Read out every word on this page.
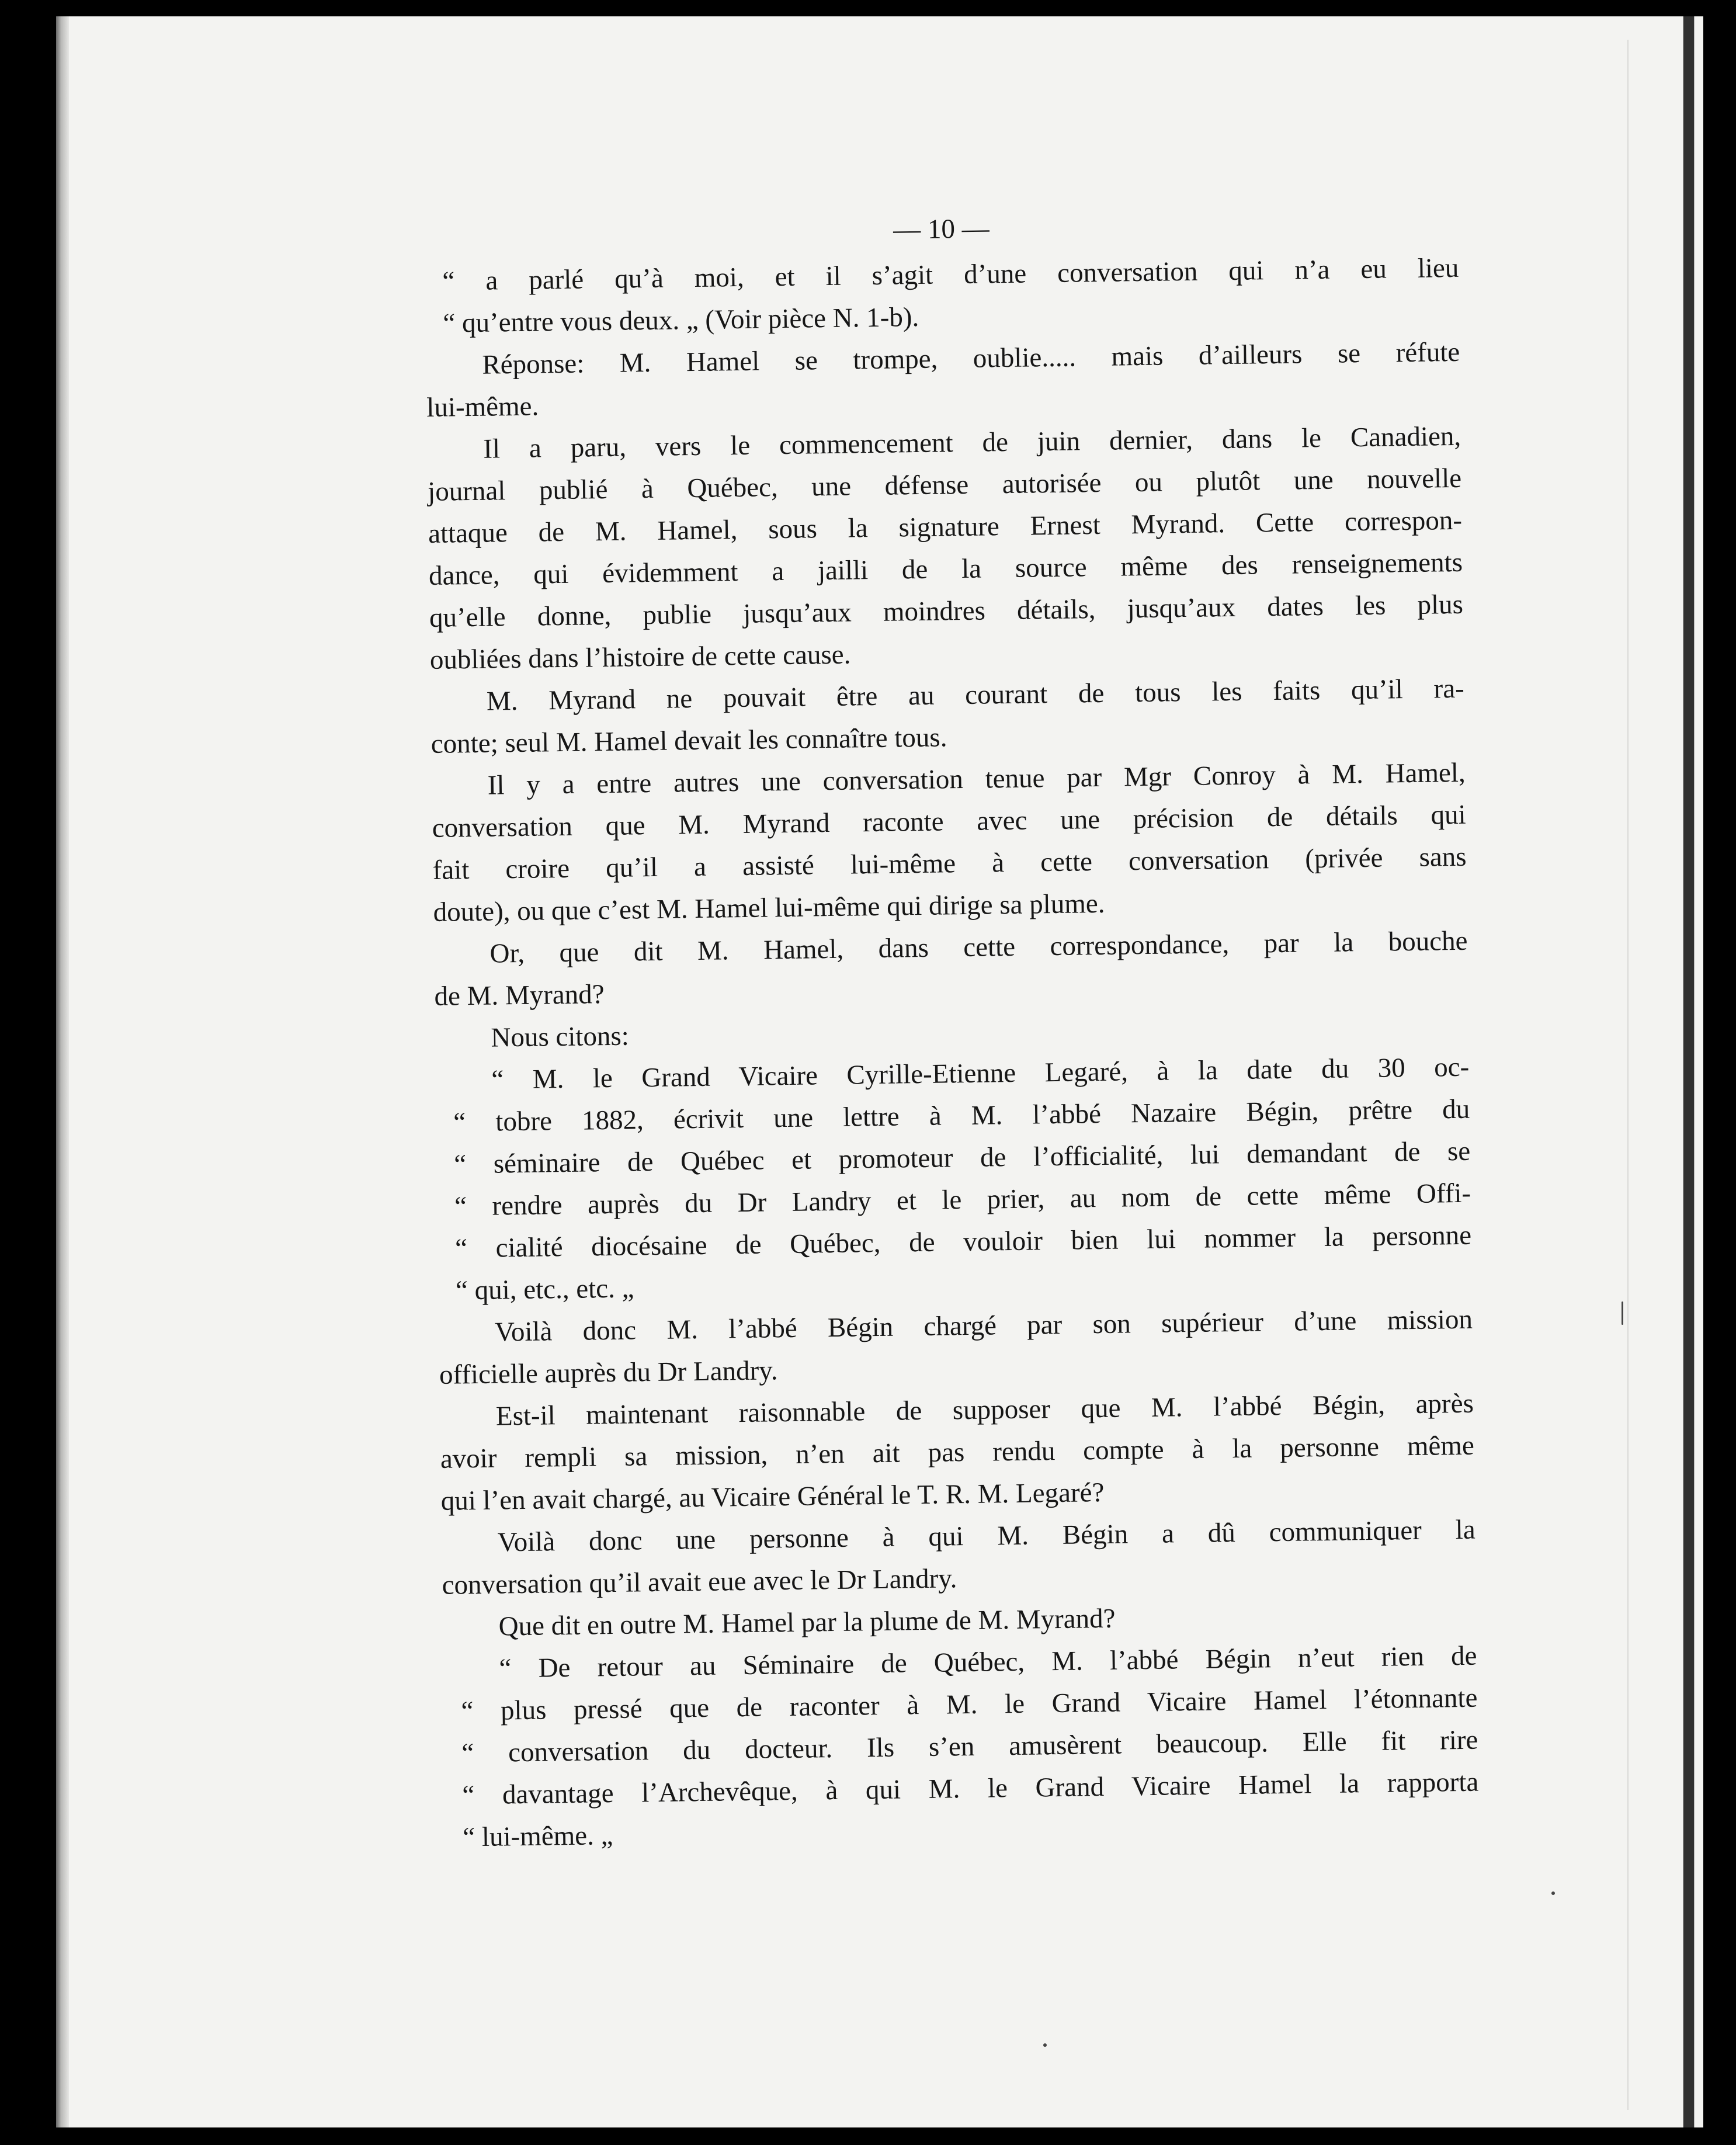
— 10 —
“ a parlé qu’à moi, et il s’agit d’une conversation qui n’a eu lieu
“ qu’entre vous deux. „ (Voir pièce N. 1-b).
Réponse: M. Hamel se trompe, oublie..... mais d’ailleurs se réfute
lui-même.
Il a paru, vers le commencement de juin dernier, dans le Canadien,
journal publié à Québec, une défense autorisée ou plutôt une nouvelle
attaque de M. Hamel, sous la signature Ernest Myrand. Cette correspon-
dance, qui évidemment a jailli de la source même des renseignements
qu’elle donne, publie jusqu’aux moindres détails, jusqu’aux dates les plus
oubliées dans l’histoire de cette cause.
M. Myrand ne pouvait être au courant de tous les faits qu’il ra-
conte; seul M. Hamel devait les connaître tous.
Il y a entre autres une conversation tenue par Mgr Conroy à M. Hamel,
conversation que M. Myrand raconte avec une précision de détails qui
fait croire qu’il a assisté lui-même à cette conversation (privée sans
doute), ou que c’est M. Hamel lui-même qui dirige sa plume.
Or, que dit M. Hamel, dans cette correspondance, par la bouche
de M. Myrand?
Nous citons:
“ M. le Grand Vicaire Cyrille-Etienne Legaré, à la date du 30 oc-
“ tobre 1882, écrivit une lettre à M. l’abbé Nazaire Bégin, prêtre du
“ séminaire de Québec et promoteur de l’officialité, lui demandant de se
“ rendre auprès du Dr Landry et le prier, au nom de cette même Offi-
“ cialité diocésaine de Québec, de vouloir bien lui nommer la personne
“ qui, etc., etc. „
Voilà donc M. l’abbé Bégin chargé par son supérieur d’une mission
officielle auprès du Dr Landry.
Est-il maintenant raisonnable de supposer que M. l’abbé Bégin, après
avoir rempli sa mission, n’en ait pas rendu compte à la personne même
qui l’en avait chargé, au Vicaire Général le T. R. M. Legaré?
Voilà donc une personne à qui M. Bégin a dû communiquer la
conversation qu’il avait eue avec le Dr Landry.
Que dit en outre M. Hamel par la plume de M. Myrand?
“ De retour au Séminaire de Québec, M. l’abbé Bégin n’eut rien de
“ plus pressé que de raconter à M. le Grand Vicaire Hamel l’étonnante
“ conversation du docteur. Ils s’en amusèrent beaucoup. Elle fit rire
“ davantage l’Archevêque, à qui M. le Grand Vicaire Hamel la rapporta
“ lui-même. „
